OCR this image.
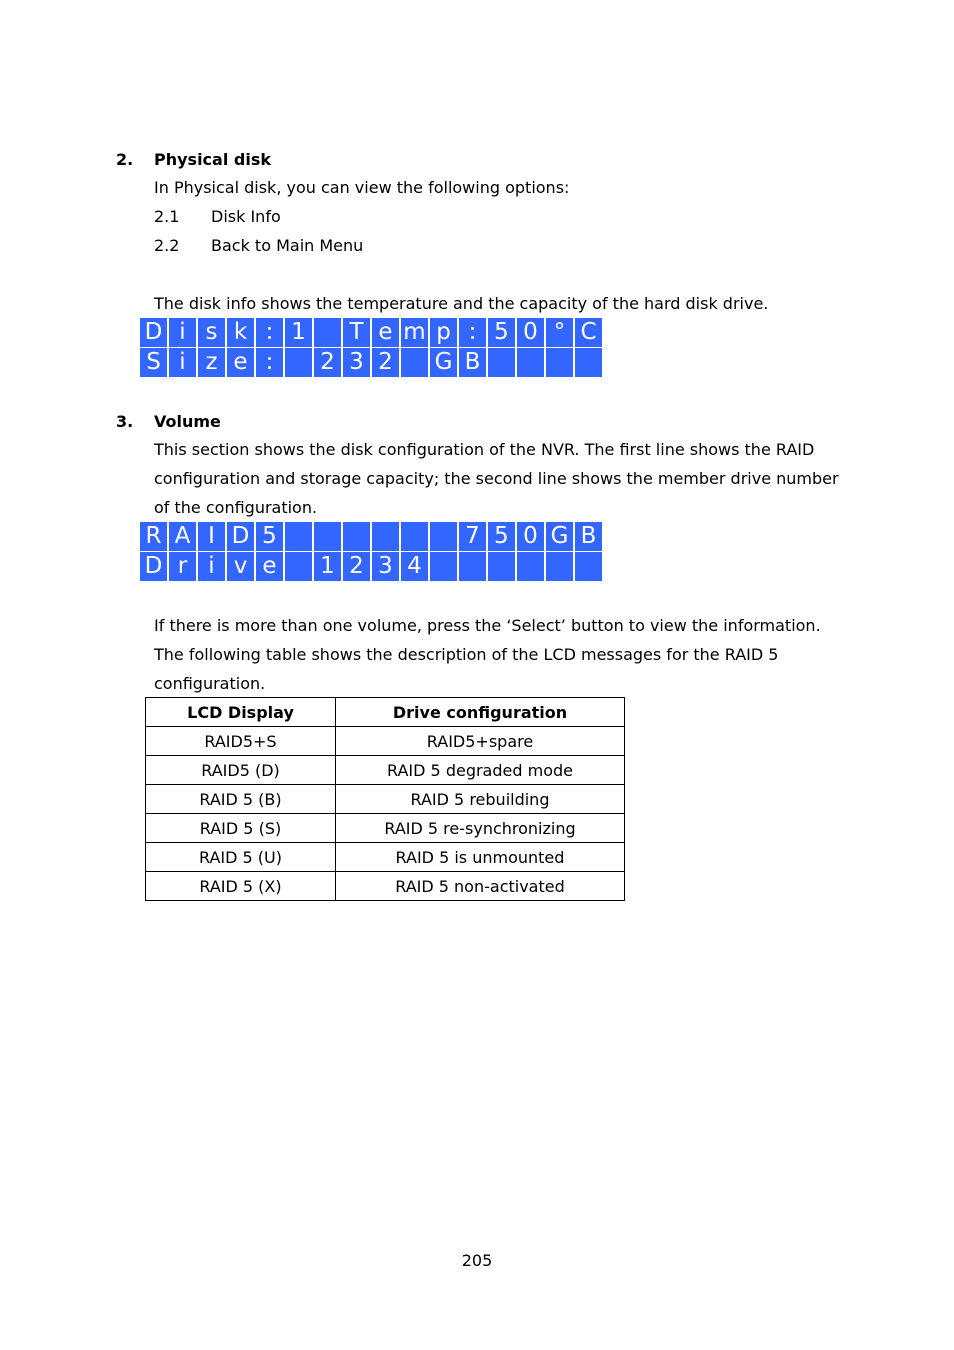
2. Physical disk
In Physical disk, you can view the following options:
2.1 Disk Info
2.2 Back to Main Menu
The disk info shows the temperature and the capacity of the hard disk drive.
D i s k : 1 T e m p : 5 0 ° C
S i z e :	2 3 2 G B
3. Volume
This section shows the disk configuration of the NVR. The first line shows the RAID
configuration and storage capacity; the second line shows the member drive number
of the configuration.
R A I D 5	7 5 0 G B
D r i v e 1 2 3 4
If there is more than one volume, press the ‘Select’ button to view the information.
The following table shows the description of the LCD messages for the RAID 5
configuration.
LCD Display	Drive configuration
RAID5+S	RAID5+spare
RAID5 (D)	RAID 5 degraded mode
RAID 5 (B)	RAID 5 rebuilding
RAID 5 (S)	RAID 5 re-synchronizing
RAID 5 (U)	RAID 5 is unmounted
RAID 5 (X)	RAID 5 non-activated
205
